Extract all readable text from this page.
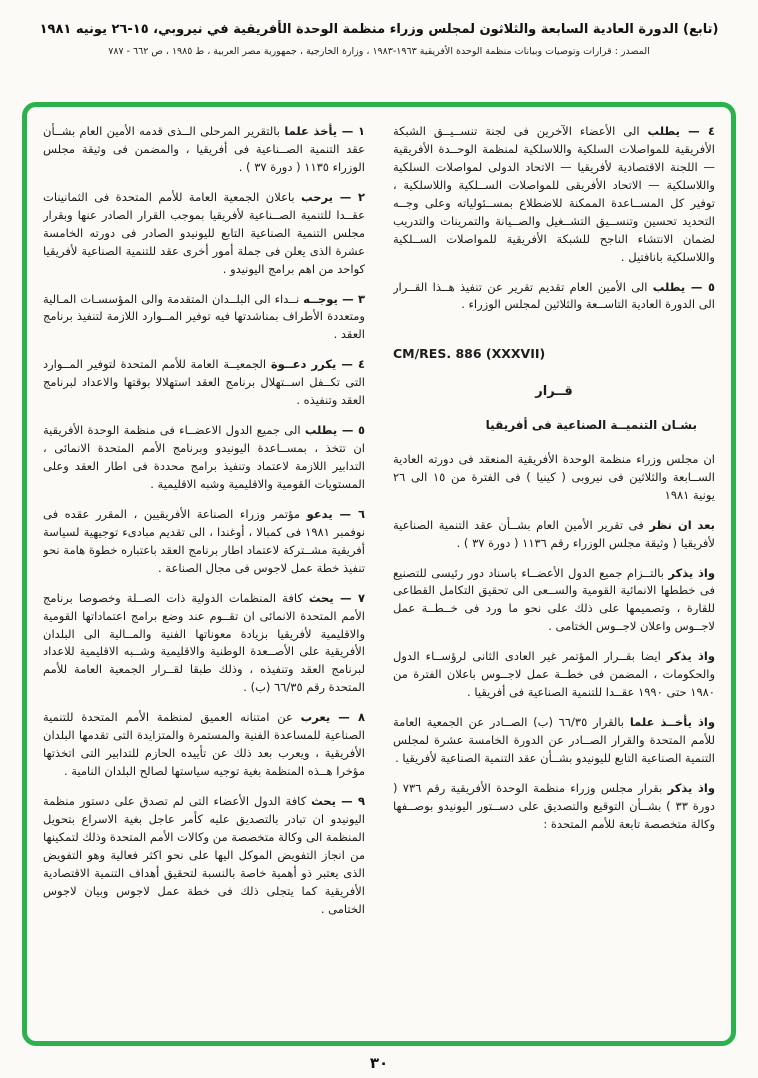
(تابع) الدورة العادية السابعة والثلاثون لمجلس وزراء منظمة الوحدة الأفريقية في نيروبي، ١٥-٢٦ يونيه ١٩٨١
المصدر : قرارات وتوصيات وبيانات منظمة الوحدة الأفريقية ١٩٦٣-١٩٨٣ ، وزارة الخارجية ، جمهورية مصر العربية ، ط ١٩٨٥ ، ص ٦٦٢ - ٧٨٧

٤ — يطلب الى الأعضاء الآخرين فى لجنة تنســيــق الشبكة الأفريقية للمواصلات السلكية واللاسلكية لمنظمة الوحــدة الأفريقية — اللجنة الاقتصادية لأفريقيا — الاتحاد الدولى لمواصلات السلكية واللاسلكية — الاتحاد الأفريقى للمواصلات الســلكية واللاسلكية ، توفير كل المســاعدة الممكنة للاضطلاع بمســئولياته وعلى وجــه التحديد تحسين وتنســيق التشــغيل والصــيانة والتمرينات والتدريب لضمان الانتشاء الناجح للشبكة الأفريقية للمواصلات الســلكية واللاسلكية بانافتيل .

٥ — يطلب الى الأمين العام تقديم تقرير عن تنفيذ هــذا القــرار الى الدورة العادية التاســعة والثلاثين لمجلس الوزراء .

CM/RES. 886 (XXXVII)

قــرار

بشـان التنميــة الصناعية فى أفريقيا

ان مجلس وزراء منظمة الوحدة الأفريقية المنعقد فى دورته العادية الســابعة والثلاثين فى نيروبى ( كينيا ) فى الفترة من ١٥ الى ٢٦ يونية ١٩٨١

بعد ان نظر فى تقرير الأمين العام بشــأن عقد التنمية الصناعية لأفريقيا ( وثيقة مجلس الوزراء رقم ١١٣٦ ( دورة ٣٧ ) .

واذ يذكر بالتــزام جميع الدول الأعضــاء باسناد دور رئيسى للتصنيع فى خططها الانمائية القومية والســعى الى تحقيق التكامل القطاعى للقارة ، وتصميمها على ذلك على نحو ما ورد فى خــطــة عمل لاجــوس واعلان لاجــوس الختامى .

واذ يذكر ايضا بقــرار المؤتمر غير العادى الثانى لرؤســاء الدول والحكومات ، المضمن فى خطــة عمل لاجــوس باعلان الفترة من ١٩٨٠ حتى ١٩٩٠ عقــدا للتنمية الصناعية فى أفريقيا .

واذ يأخــذ علما بالقرار ٦٦/٣٥ (ب) الصــادر عن الجمعية العامة للأمم المتحدة والقرار الصــادر عن الدورة الخامسة عشرة لمجلس التنمية الصناعية التابع لليونيدو بشــأن عقد التنمية الصناعية لأفريقيا .

واذ يذكر بقرار مجلس وزراء منظمة الوحدة الأفريقية رقم ٧٣٦ ( دورة ٣٣ ) بشــأن التوقيع والتصديق على دســتور اليونيدو بوصــفها وكالة متخصصة تابعة للأمم المتحدة :

١ — يأخذ علما بالتقرير المرحلى الــذى قدمه الأمين العام بشــأن عقد التنمية الصــناعية فى أفريقيا ، والمضمن فى وثيقة مجلس الوزراء ١١٣٥ ( دورة ٣٧ ) .

٢ — يرحب باعلان الجمعية العامة للأمم المتحدة فى الثمانينات عقــدا للتنمية الصــناعية لأفريقيا بموجب القرار الصادر عنها وبقرار مجلس التنمية الصناعية التابع لليونيدو الصادر فى دورته الخامسة عشرة الذى يعلن فى جملة أمور أخرى عقد للتنمية الصناعية لأفريقيا كواحد من اهم برامج اليونيدو .

٣ — يوجــه نــداء الى البلــدان المتقدمة والى المؤسسـات المـالية ومتعددة الأطراف بمناشدتها فيه توفير المــوارد اللازمة لتنفيذ برنامج العقد .

٤ — يكرر دعــوة الجمعيــة العامة للأمم المتحدة لتوفير المــوارد التى تكــفل اســتهلال برنامج العقد استهلالا بوقتها والاعداد لبرنامج العقد وتنفيذه .

٥ — يطلب الى جميع الدول الاعضــاء فى منظمة الوحدة الأفريقية ان تتخذ ، بمســاعدة اليونيدو وبرنامج الأمم المتحدة الانمائى ، التدابير اللازمة لاعتماد وتنفيذ برامج محددة فى اطار العقد وعلى المستويات القومية والاقليمية وشبه الاقليمية .

٦ — يدعو مؤتمر وزراء الصناعة الأفريقيين ، المقرر عقده فى نوفمبر ١٩٨١ فى كمبالا ، أوغندا ، الى تقديم مبادىء توجيهية لسياسة أفريقية مشــتركة لاعتماد اطار برنامج العقد باعتباره خطوة هامة نحو تنفيذ خطة عمل لاجوس فى مجال الصناعة .

٧ — يحث كافة المنظمات الدولية ذات الصــلة وخصوصا برنامج الأمم المتحدة الانمائى ان تقــوم عند وضع برامج اعتماداتها القومية والاقليمية لأفريقيا بزيادة معوناتها الفنية والمــالية الى البلدان الأفريقية على الأصــعدة الوطنية والاقليمية وشــبه الاقليمية للاعداد لبرنامج العقد وتنفيذه ، وذلك طبقا لقــرار الجمعية العامة للأمم المتحدة رقم ٦٦/٣٥ (ب) .

٨ — يعرب عن امتنانه العميق لمنظمة الأمم المتحدة للتنمية الصناعية للمساعدة الفنية والمستمرة والمتزايدة التى تقدمها البلدان الأفريقية ، ويعرب بعد ذلك عن تأييده الحازم للتدابير التى اتخذتها مؤخرا هــذه المنظمة بغية توجيه سياستها لصالح البلدان النامية .

٩ — يحث كافة الدول الأعضاء التى لم تصدق على دستور منظمة اليونيدو ان تبادر بالتصديق عليه كأمر عاجل بغية الاسراع بتحويل المنظمة الى وكالة متخصصة من وكالات الأمم المتحدة وذلك لتمكينها من انجاز التفويض الموكل اليها على نحو اكثر فعالية وهو التفويض الذى يعتبر ذو أهمية خاصة بالنسبة لتحقيق أهداف التنمية الاقتصادية الأفريقية كما يتجلى ذلك فى خطة عمل لاجوس وبيان لاجوس الختامى .

٣٠
